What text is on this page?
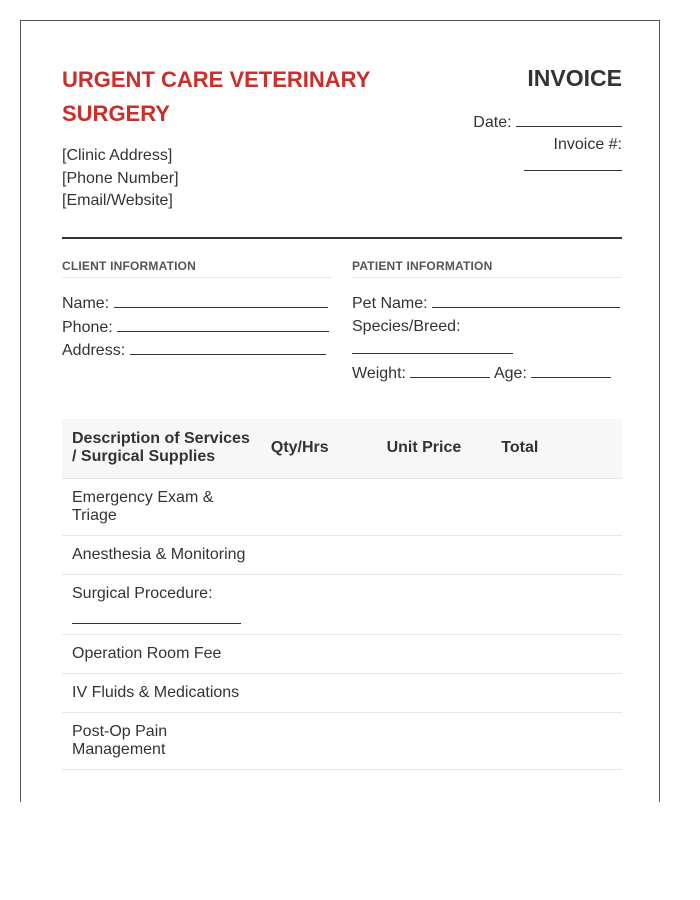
URGENT CARE VETERINARY SURGERY
[Clinic Address]
[Phone Number]
[Email/Website]
INVOICE
Date:
Invoice #:
CLIENT INFORMATION
Name:
Phone:
Address:
PATIENT INFORMATION
Pet Name:
Species/Breed:
Weight:	Age:
Description of Services / Surgical Supplies	Qty/Hrs	Unit Price	Total
Emergency Exam & Triage			
Anesthesia & Monitoring			
Surgical Procedure:

Operation Room Fee			
IV Fluids & Medications			
Post-Op Pain Management			
